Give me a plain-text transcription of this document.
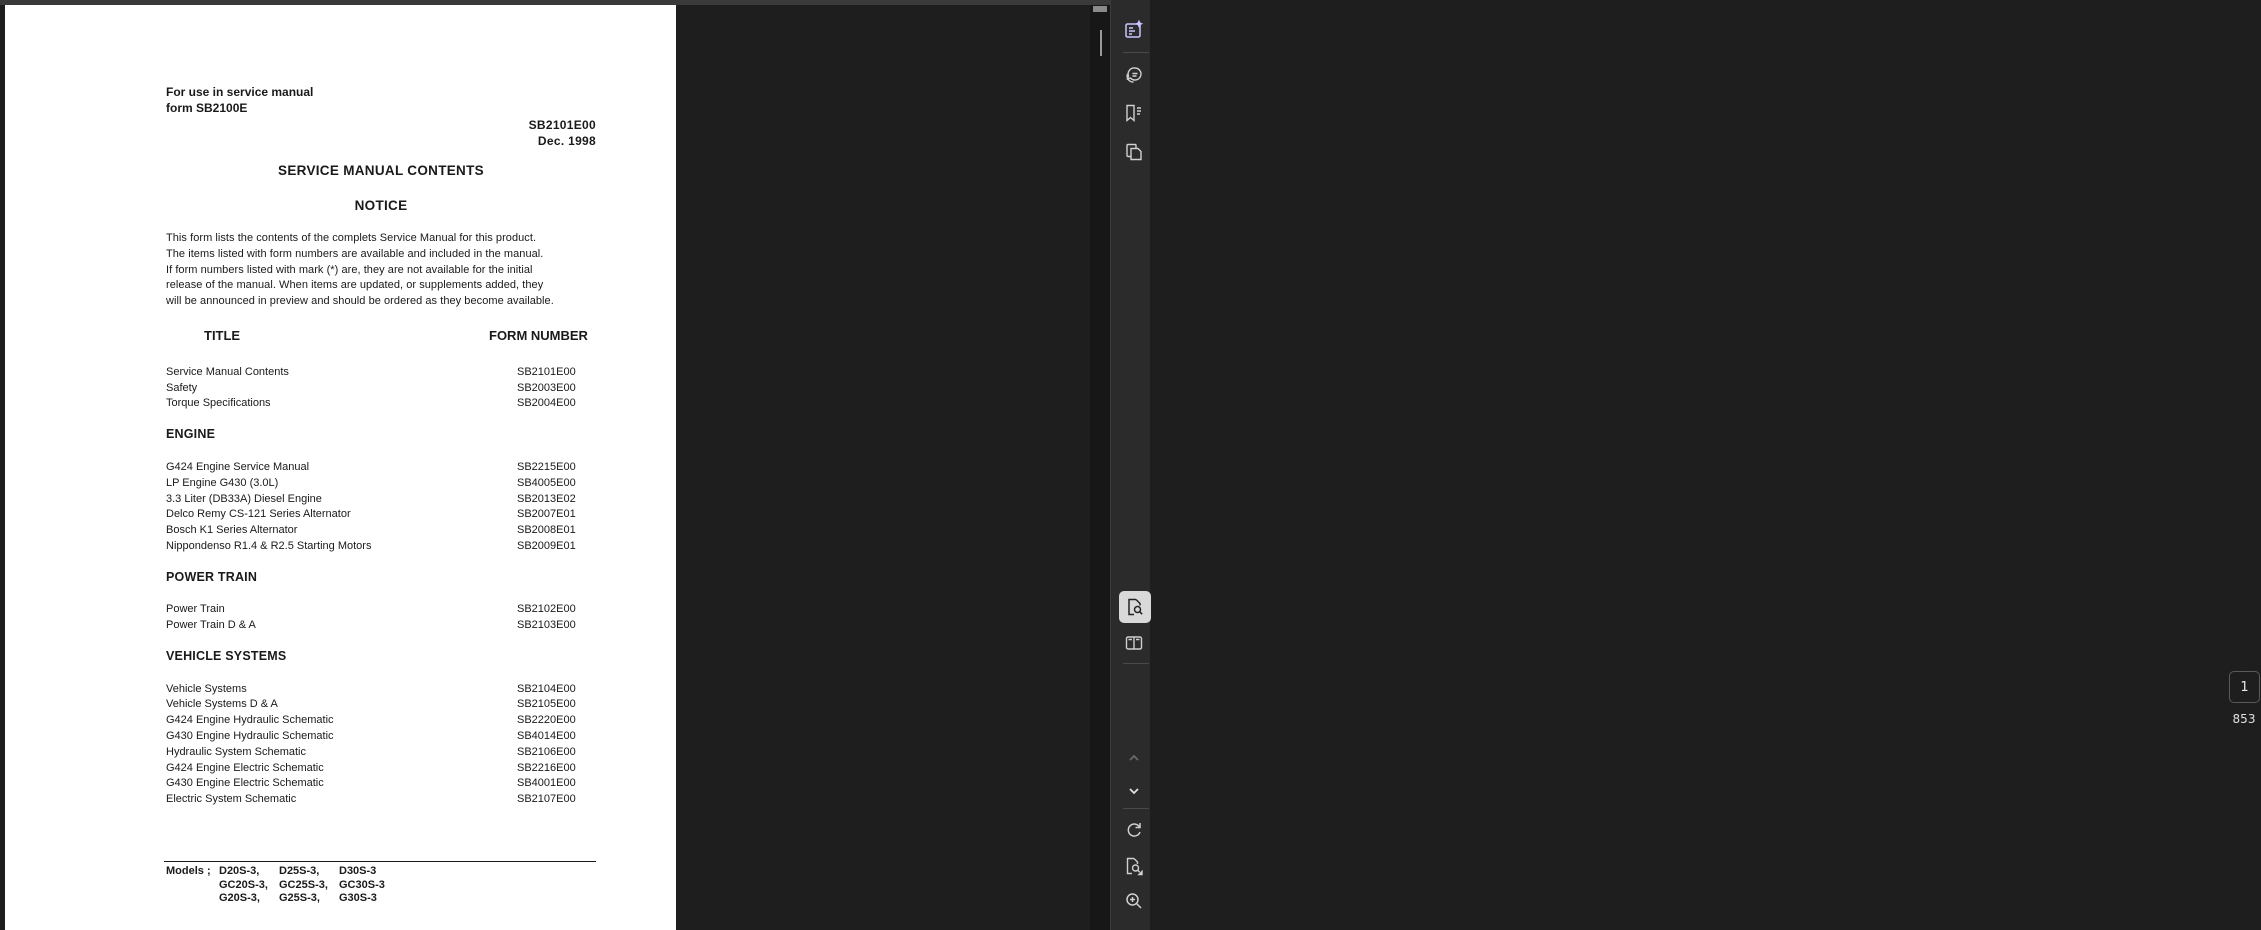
For use in service manual
form SB2100E
SB2101E00
Dec. 1998
SERVICE MANUAL CONTENTS
NOTICE
This form lists the contents of the complets Service Manual for this product.
The items listed with form numbers are available and included in the manual.
If form numbers listed with mark (*) are, they are not available for the initial
release of the manual. When items are updated, or supplements added, they
will be announced in preview and should be ordered as they become available.
TITLE	FORM NUMBER
Service Manual Contents	SB2101E00
Safety	SB2003E00
Torque Specifications	SB2004E00
ENGINE
G424 Engine Service Manual	SB2215E00
LP Engine G430 (3.0L)	SB4005E00
3.3 Liter (DB33A) Diesel Engine	SB2013E02
Delco Remy CS-121 Series Alternator	SB2007E01
Bosch K1 Series Alternator	SB2008E01
Nippondenso R1.4 & R2.5 Starting Motors	SB2009E01
POWER TRAIN
Power Train	SB2102E00
Power Train D & A	SB2103E00
VEHICLE SYSTEMS
Vehicle Systems	SB2104E00
Vehicle Systems D & A	SB2105E00
G424 Engine Hydraulic Schematic	SB2220E00
G430 Engine Hydraulic Schematic	SB4014E00
Hydraulic System Schematic	SB2106E00
G424 Engine Electric Schematic	SB2216E00
G430 Engine Electric Schematic	SB4001E00
Electric System Schematic	SB2107E00
Models ; D20S-3, D25S-3, D30S-3
GC20S-3, GC25S-3, GC30S-3
G20S-3, G25S-3, G30S-3
1
853
